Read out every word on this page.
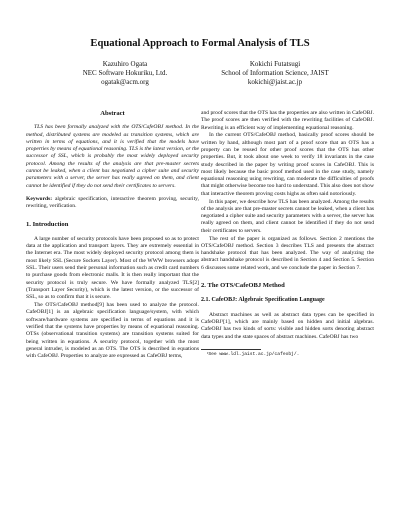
Equational Approach to Formal Analysis of TLS
Kazuhiro Ogata
NEC Software Hokuriku, Ltd.
ogatak@acm.org
Kokichi Futatsugi
School of Information Science, JAIST
kokichi@jaist.ac.jp
Abstract

TLS has been formally analyzed with the OTS/CafeOBJ method. In the method, distributed systems are modeled as transition systems, which are written in terms of equations, and it is verified that the models have properties by means of equational reasoning. TLS is the latest version, or the successor of SSL, which is probably the most widely deployed security protocol. Among the results of the analysis are that pre-master secrets cannot be leaked, when a client has negotiated a cipher suite and security parameters with a server, the server has really agreed on them, and client cannot be identified if they do not send their certificates to servers.

Keywords: algebraic specification, interactive theorem proving, security, rewriting, verification.

1. Introduction

A large number of security protocols have been proposed so as to protect data at the application and transport layers. They are extremely essential in the Internet era. The most widely deployed security protocol among them is most likely SSL (Secure Sockets Layer). Most of the WWW browsers adopt SSL. Their users send their personal information such as credit card numbers to purchase goods from electronic malls. It is then really important that the security protocol is truly secure. We have formally analyzed TLS[2] (Transport Layer Security), which is the latest version, or the successor of SSL, so as to confirm that it is secure.

The OTS/CafeOBJ method[9] has been used to analyze the protocol. CafeOBJ[1] is an algebraic specification language/system, with which software/hardware systems are specified in terms of equations and it is verified that the systems have properties by means of equational reasoning. OTSs (observational transition systems) are transition systems suited for being written in equations. A security protocol, together with the most general intruder, is modeled as an OTS. The OTS is described in equations with CafeOBJ. Properties to analyze are expressed as CafeOBJ terms,

and proof scores that the OTS has the properties are also written in CafeOBJ. The proof scores are then verified with the rewriting facilities of CafeOBJ. Rewriting is an efficient way of implementing equational reasoning.

In the current OTS/CafeOBJ method, basically proof scores should be written by hand, although most part of a proof score that an OTS has a property can be reused for other proof scores that the OTS has other properties. But, it took about one week to verify 18 invariants in the case study described in the paper by writing proof scores in CafeOBJ. This is most likely because the basic proof method used in the case study, namely equational reasoning using rewriting, can moderate the difficulties of proofs that might otherwise become too hard to understand. This also does not show that interactive theorem proving costs highs as often said notoriously.

In this paper, we describe how TLS has been analyzed. Among the results of the analysis are that pre-master secrets cannot be leaked, when a client has negotiated a cipher suite and security parameters with a server, the server has really agreed on them, and client cannot be identified if they do not send their certificates to servers.

The rest of the paper is organized as follows. Section 2 mentions the OTS/CafeOBJ method. Section 3 describes TLS and presents the abstract handshake protocol that has been analyzed. The way of analyzing the abstract handshake protocol is described in Section 4 and Section 5. Section 6 discusses some related work, and we conclude the paper in Section 7.

2. The OTS/CafeOBJ Method
2.1. CafeOBJ: Algebraic Specification Language

Abstract machines as well as abstract data types can be specified in CafeOBJ¹[1], which are mainly based on hidden and initial algebras. CafeOBJ has two kinds of sorts: visible and hidden sorts denoting abstract data types and the state spaces of abstract machines. CafeOBJ has two

¹See www.ldl.jaist.ac.jp/cafeobj/.
